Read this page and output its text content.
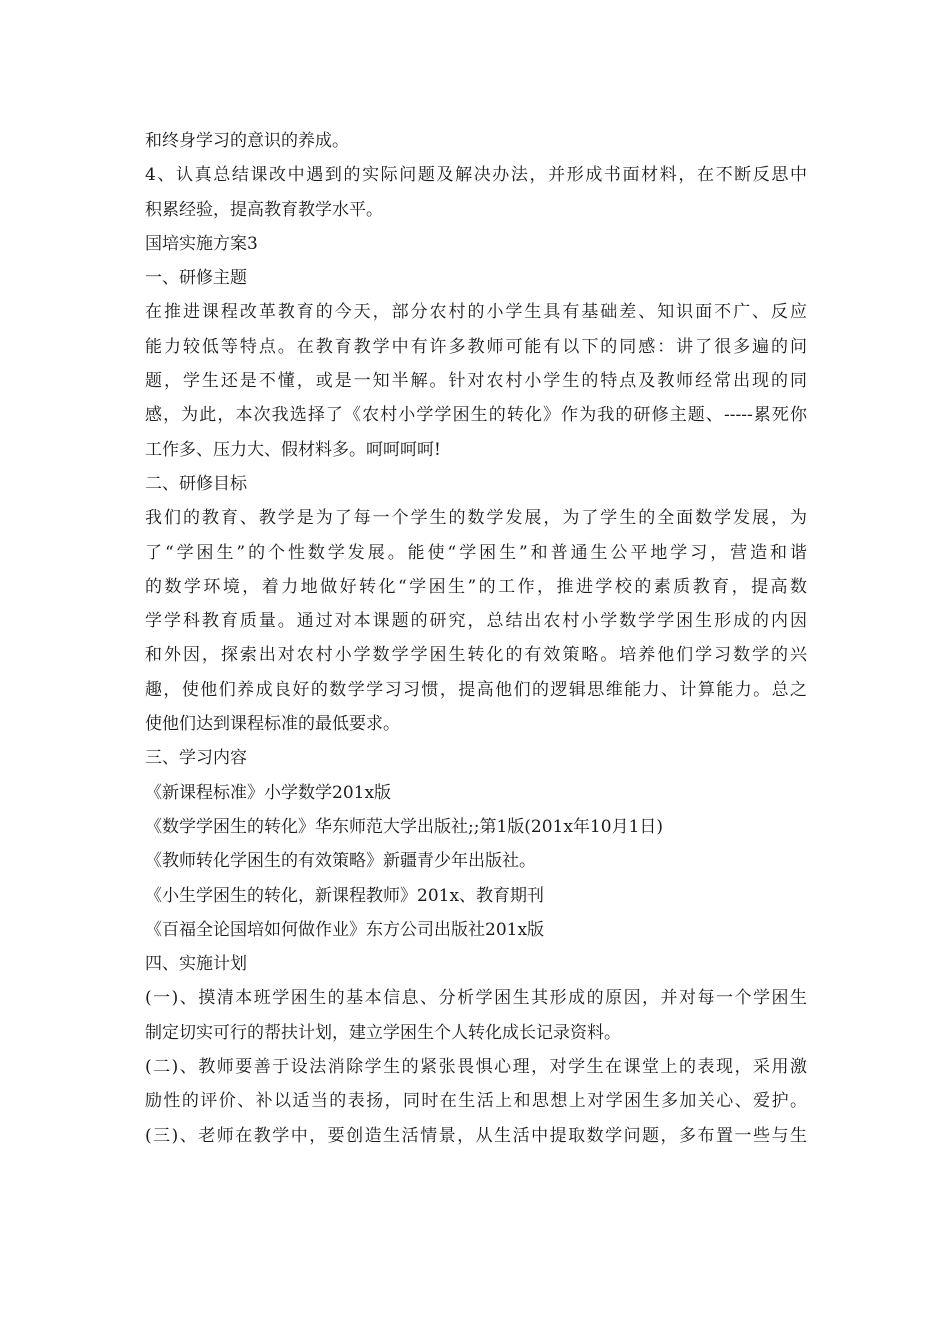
和终身学习的意识的养成。
4、认真总结课改中遇到的实际问题及解决办法，并形成书面材料，在不断反思中
积累经验，提高教育教学水平。
国培实施方案3
一、研修主题
在推进课程改革教育的今天，部分农村的小学生具有基础差、知识面不广、反应
能力较低等特点。在教育教学中有许多教师可能有以下的同感：讲了很多遍的问
题，学生还是不懂，或是一知半解。针对农村小学生的特点及教师经常出现的同
感，为此，本次我选择了《农村小学学困生的转化》作为我的研修主题、-----累死你
工作多、压力大、假材料多。呵呵呵呵!
二、研修目标
我们的教育、教学是为了每一个学生的数学发展，为了学生的全面数学发展，为
了“学困生”的个性数学发展。能使“学困生”和普通生公平地学习，营造和谐
的数学环境，着力地做好转化“学困生”的工作，推进学校的素质教育，提高数
学学科教育质量。通过对本课题的研究，总结出农村小学数学学困生形成的内因
和外因，探索出对农村小学数学学困生转化的有效策略。培养他们学习数学的兴
趣，使他们养成良好的数学学习习惯，提高他们的逻辑思维能力、计算能力。总之
使他们达到课程标准的最低要求。
三、学习内容
《新课程标准》小学数学201x版
《数学学困生的转化》华东师范大学出版社;;第1版(201x年10月1日)
《教师转化学困生的有效策略》新疆青少年出版社。
《小生学困生的转化，新课程教师》201x、教育期刊
《百福全论国培如何做作业》东方公司出版社201x版
四、实施计划
(一)、摸清本班学困生的基本信息、分析学困生其形成的原因，并对每一个学困生
制定切实可行的帮扶计划，建立学困生个人转化成长记录资料。
(二)、教师要善于设法消除学生的紧张畏惧心理，对学生在课堂上的表现，采用激
励性的评价、补以适当的表扬，同时在生活上和思想上对学困生多加关心、爱护。
(三)、老师在教学中，要创造生活情景，从生活中提取数学问题，多布置一些与生
